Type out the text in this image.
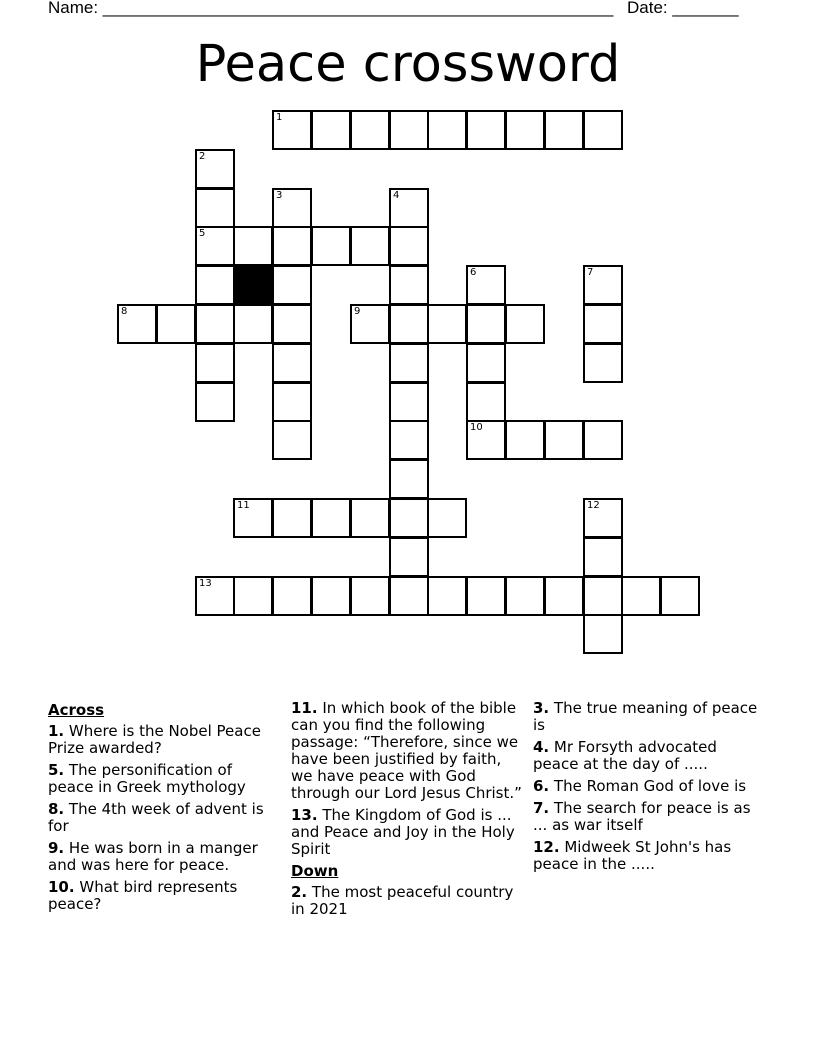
Name: ______________________________________________________ Date: _______
Peace crossword
1
2
3	4
5
6	7
8	9
10
11	12
13
Across
1. Where is the Nobel Peace Prize awarded?
5. The personification of peace in Greek mythology
8. The 4th week of advent is for
9. He was born in a manger and was here for peace.
10. What bird represents peace?
11. In which book of the bible can you find the following passage: “Therefore, since we have been justified by faith, we have peace with God through our Lord Jesus Christ.”
13. The Kingdom of God is ... and Peace and Joy in the Holy Spirit
Down
2. The most peaceful country in 2021
3. The true meaning of peace is
4. Mr Forsyth advocated peace at the day of .....
6. The Roman God of love is
7. The search for peace is as ... as war itself
12. Midweek St John's has peace in the .....
